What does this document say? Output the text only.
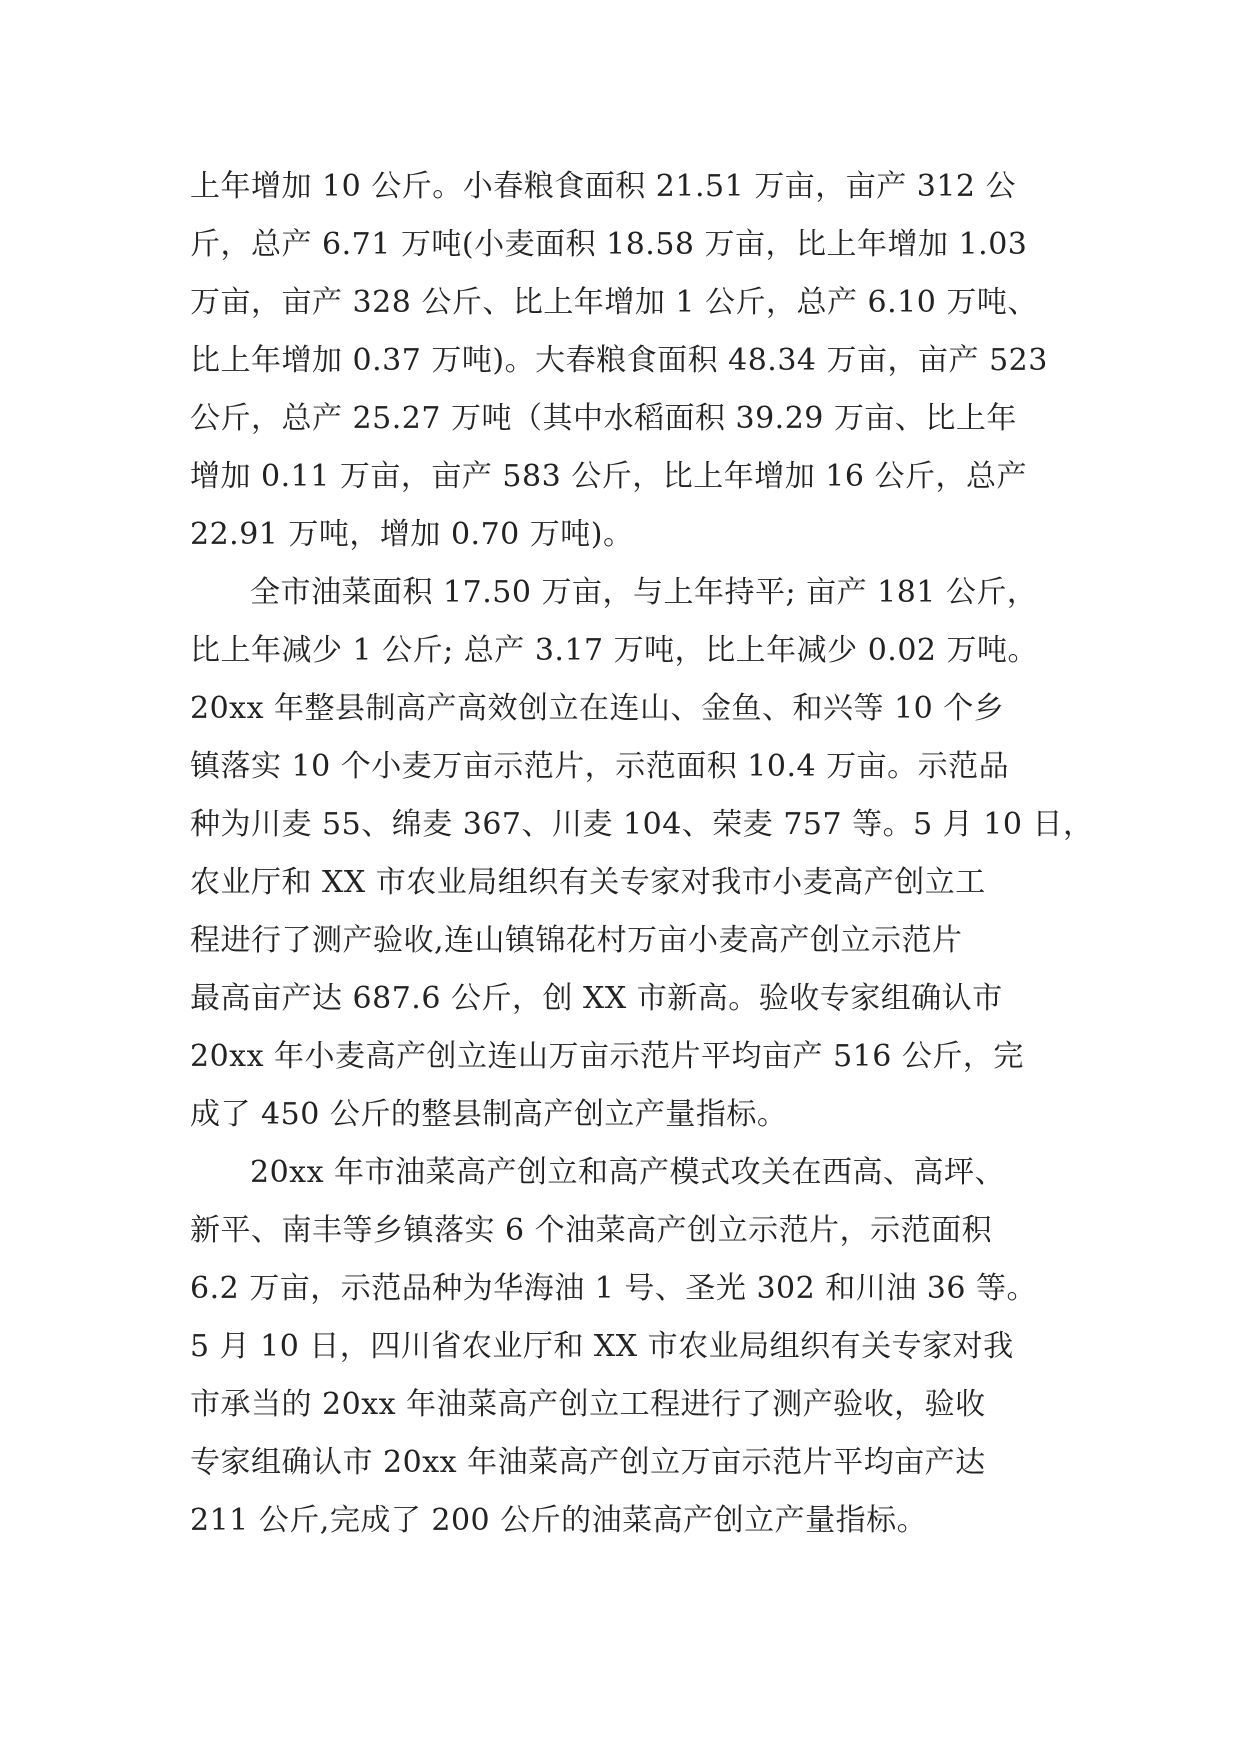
上年增加 10 公斤。小春粮食面积 21.51 万亩，亩产 312 公
斤，总产 6.71 万吨(小麦面积 18.58 万亩，比上年增加 1.03
万亩，亩产 328 公斤、比上年增加 1 公斤，总产 6.10 万吨、
比上年增加 0.37 万吨)。大春粮食面积 48.34 万亩，亩产 523
公斤，总产 25.27 万吨（其中水稻面积 39.29 万亩、比上年
增加 0.11 万亩，亩产 583 公斤，比上年增加 16 公斤，总产
22.91 万吨，增加 0.70 万吨)。
全市油菜面积 17.50 万亩，与上年持平; 亩产 181 公斤，
比上年减少 1 公斤; 总产 3.17 万吨，比上年减少 0.02 万吨。
20xx 年整县制高产高效创立在连山、金鱼、和兴等 10 个乡
镇落实 10 个小麦万亩示范片，示范面积 10.4 万亩。示范品
种为川麦 55、绵麦 367、川麦 104、荣麦 757 等。5 月 10 日，
农业厅和 XX 市农业局组织有关专家对我市小麦高产创立工
程进行了测产验收,连山镇锦花村万亩小麦高产创立示范片
最高亩产达 687.6 公斤，创 XX 市新高。验收专家组确认市
20xx 年小麦高产创立连山万亩示范片平均亩产 516 公斤，完
成了 450 公斤的整县制高产创立产量指标。
20xx 年市油菜高产创立和高产模式攻关在西高、高坪、
新平、南丰等乡镇落实 6 个油菜高产创立示范片，示范面积
6.2 万亩，示范品种为华海油 1 号、圣光 302 和川油 36 等。
5 月 10 日，四川省农业厅和 XX 市农业局组织有关专家对我
市承当的 20xx 年油菜高产创立工程进行了测产验收，验收
专家组确认市 20xx 年油菜高产创立万亩示范片平均亩产达
211 公斤,完成了 200 公斤的油菜高产创立产量指标。
